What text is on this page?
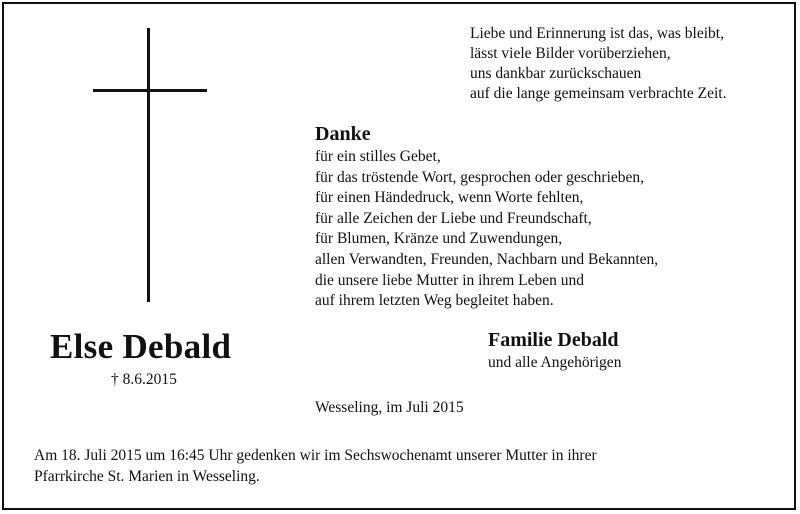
Liebe und Erinnerung ist das, was bleibt,
lässt viele Bilder vorüberziehen,
uns dankbar zurückschauen
auf die lange gemeinsam verbrachte Zeit.
Danke
für ein stilles Gebet,
für das tröstende Wort, gesprochen oder geschrieben,
für einen Händedruck, wenn Worte fehlten,
für alle Zeichen der Liebe und Freundschaft,
für Blumen, Kränze und Zuwendungen,
allen Verwandten, Freunden, Nachbarn und Bekannten,
die unsere liebe Mutter in ihrem Leben und
auf ihrem letzten Weg begleitet haben.
Else Debald
† 8.6.2015
Familie Debald
und alle Angehörigen
Wesseling, im Juli 2015
Am 18. Juli 2015 um 16:45 Uhr gedenken wir im Sechswochenamt unserer Mutter in ihrer
Pfarrkirche St. Marien in Wesseling.
